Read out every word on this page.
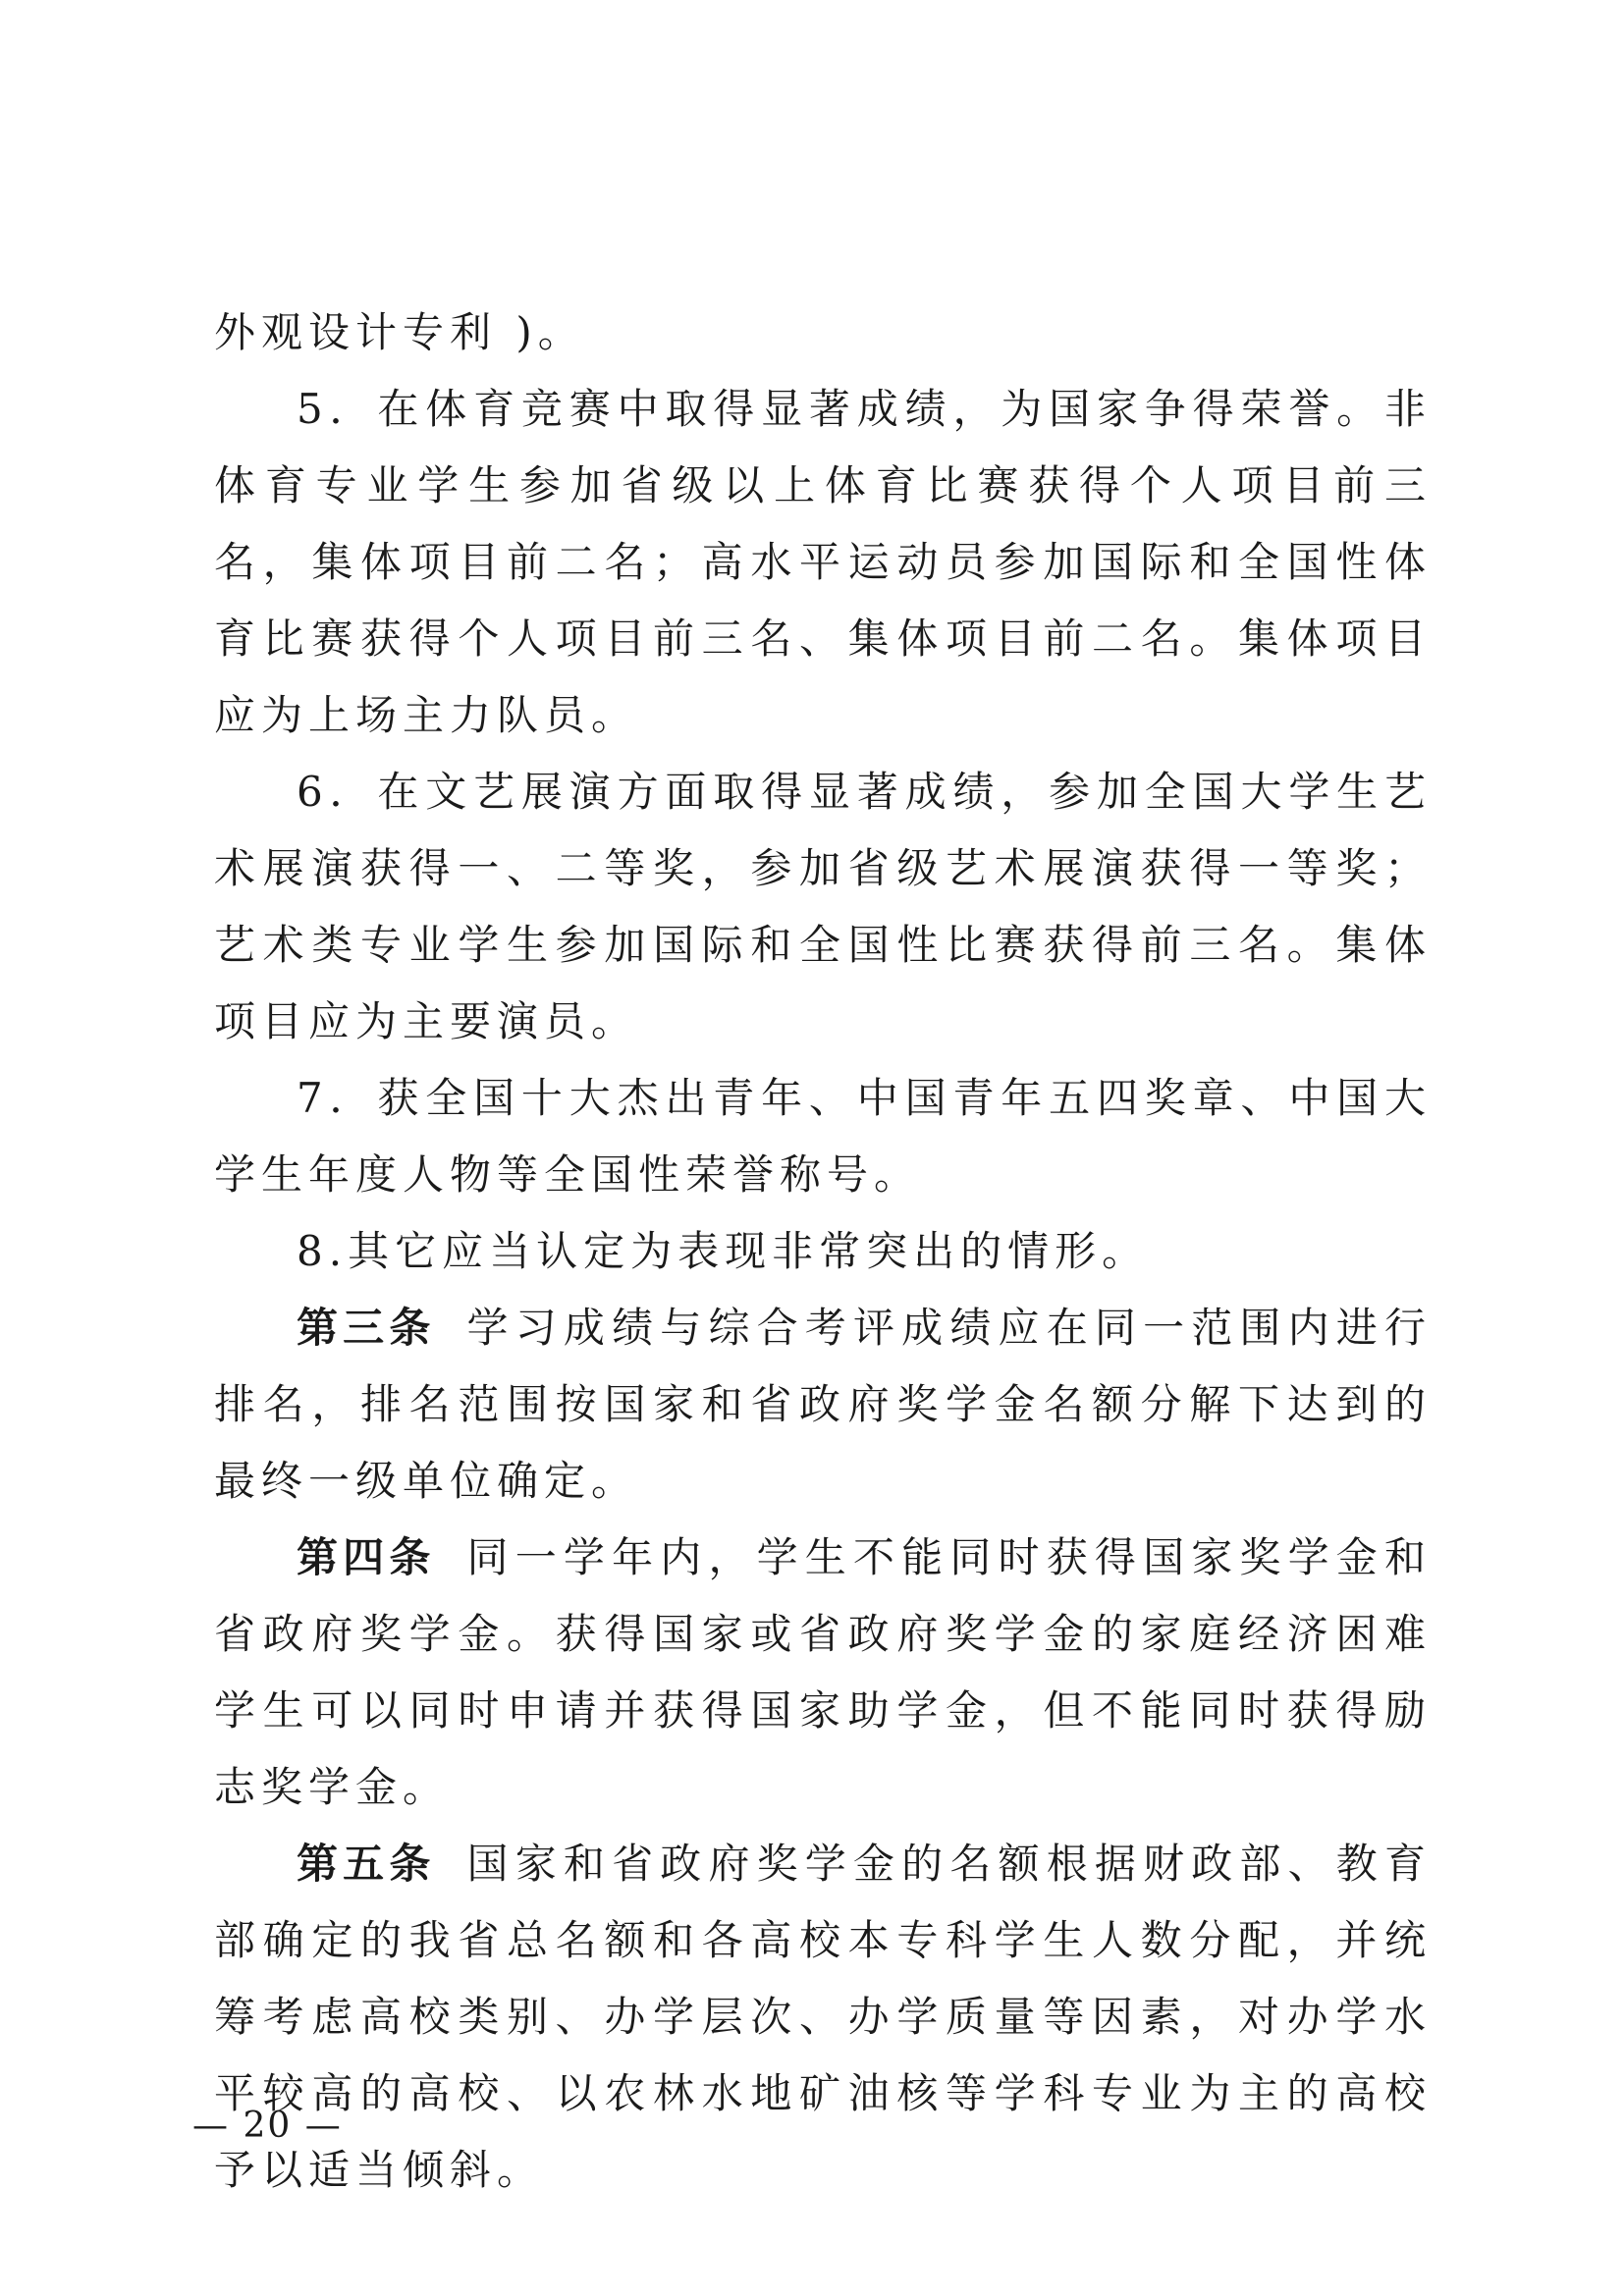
外观设计专利 )。

5．在体育竞赛中取得显著成绩，为国家争得荣誉。非体育专业学生参加省级以上体育比赛获得个人项目前三名，集体项目前二名；高水平运动员参加国际和全国性体育比赛获得个人项目前三名、集体项目前二名。集体项目应为上场主力队员。

6．在文艺展演方面取得显著成绩，参加全国大学生艺术展演获得一、二等奖，参加省级艺术展演获得一等奖；艺术类专业学生参加国际和全国性比赛获得前三名。集体项目应为主要演员。

7．获全国十大杰出青年、中国青年五四奖章、中国大学生年度人物等全国性荣誉称号。

8.其它应当认定为表现非常突出的情形。

第三条 学习成绩与综合考评成绩应在同一范围内进行排名，排名范围按国家和省政府奖学金名额分解下达到的最终一级单位确定。

第四条 同一学年内，学生不能同时获得国家奖学金和省政府奖学金。获得国家或省政府奖学金的家庭经济困难学生可以同时申请并获得国家助学金，但不能同时获得励志奖学金。

第五条 国家和省政府奖学金的名额根据财政部、教育部确定的我省总名额和各高校本专科学生人数分配，并统筹考虑高校类别、办学层次、办学质量等因素，对办学水平较高的高校、以农林水地矿油核等学科专业为主的高校予以适当倾斜。

— 20 —
